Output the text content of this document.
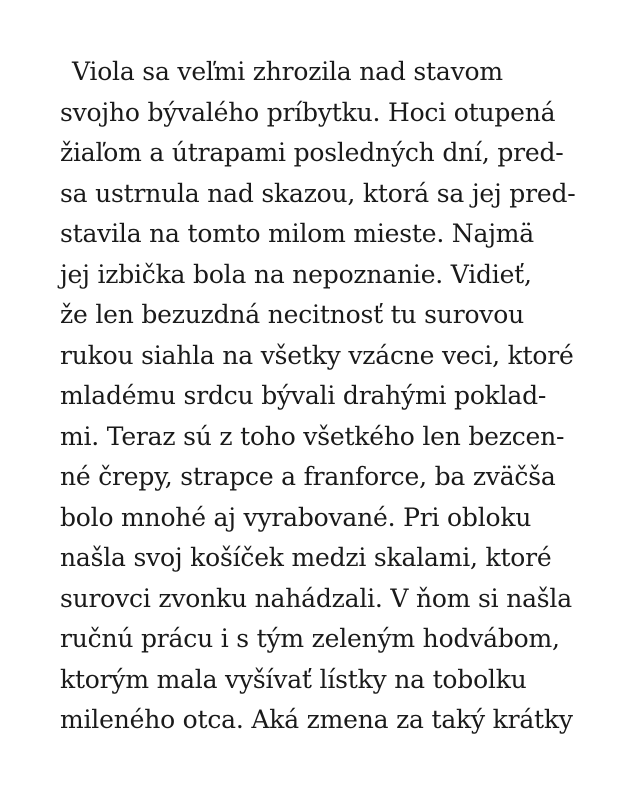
Viola sa veľmi zhrozila nad stavom
svojho bývalého príbytku. Hoci otupená
žiaľom a útrapami posledných dní, pred-
sa ustrnula nad skazou, ktorá sa jej pred-
stavila na tomto milom mieste. Najmä
jej izbička bola na nepoznanie. Vidieť,
že len bezuzdná necitnosť tu surovou
rukou siahla na všetky vzácne veci, ktoré
mladému srdcu bývali drahými poklad-
mi. Teraz sú z toho všetkého len bezcen-
né črepy, strapce a franforce, ba zväčša
bolo mnohé aj vyrabované. Pri obloku
našla svoj košíček medzi skalami, ktoré
surovci zvonku nahádzali. V ňom si našla
ručnú prácu i s tým zeleným hodvábom,
ktorým mala vyšívať lístky na tobolku
mileného otca. Aká zmena za taký krátky
